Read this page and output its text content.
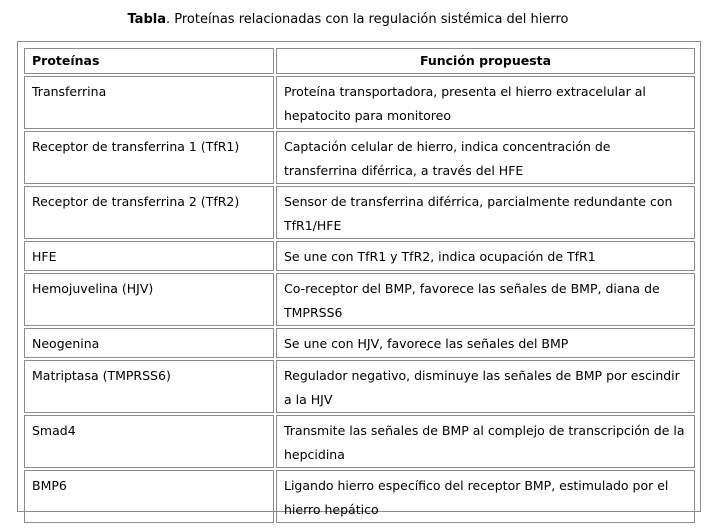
Tabla. Proteínas relacionadas con la regulación sistémica del hierro
Proteínas	Función propuesta
Transferrina	Proteína transportadora, presenta el hierro extracelular al hepatocito para monitoreo
Receptor de transferrina 1 (TfR1)	Captación celular de hierro, indica concentración de transferrina diférrica, a través del HFE
Receptor de transferrina 2 (TfR2)	Sensor de transferrina diférrica, parcialmente redundante con TfR1/HFE
HFE	Se une con TfR1 y TfR2, indica ocupación de TfR1
Hemojuvelina (HJV)	Co-receptor del BMP, favorece las señales de BMP, diana de TMPRSS6
Neogenina	Se une con HJV, favorece las señales del BMP
Matriptasa (TMPRSS6)	Regulador negativo, disminuye las señales de BMP por escindir a la HJV
Smad4	Transmite las señales de BMP al complejo de transcripción de la hepcidina
BMP6	Ligando hierro específico del receptor BMP, estimulado por el hierro hepático
